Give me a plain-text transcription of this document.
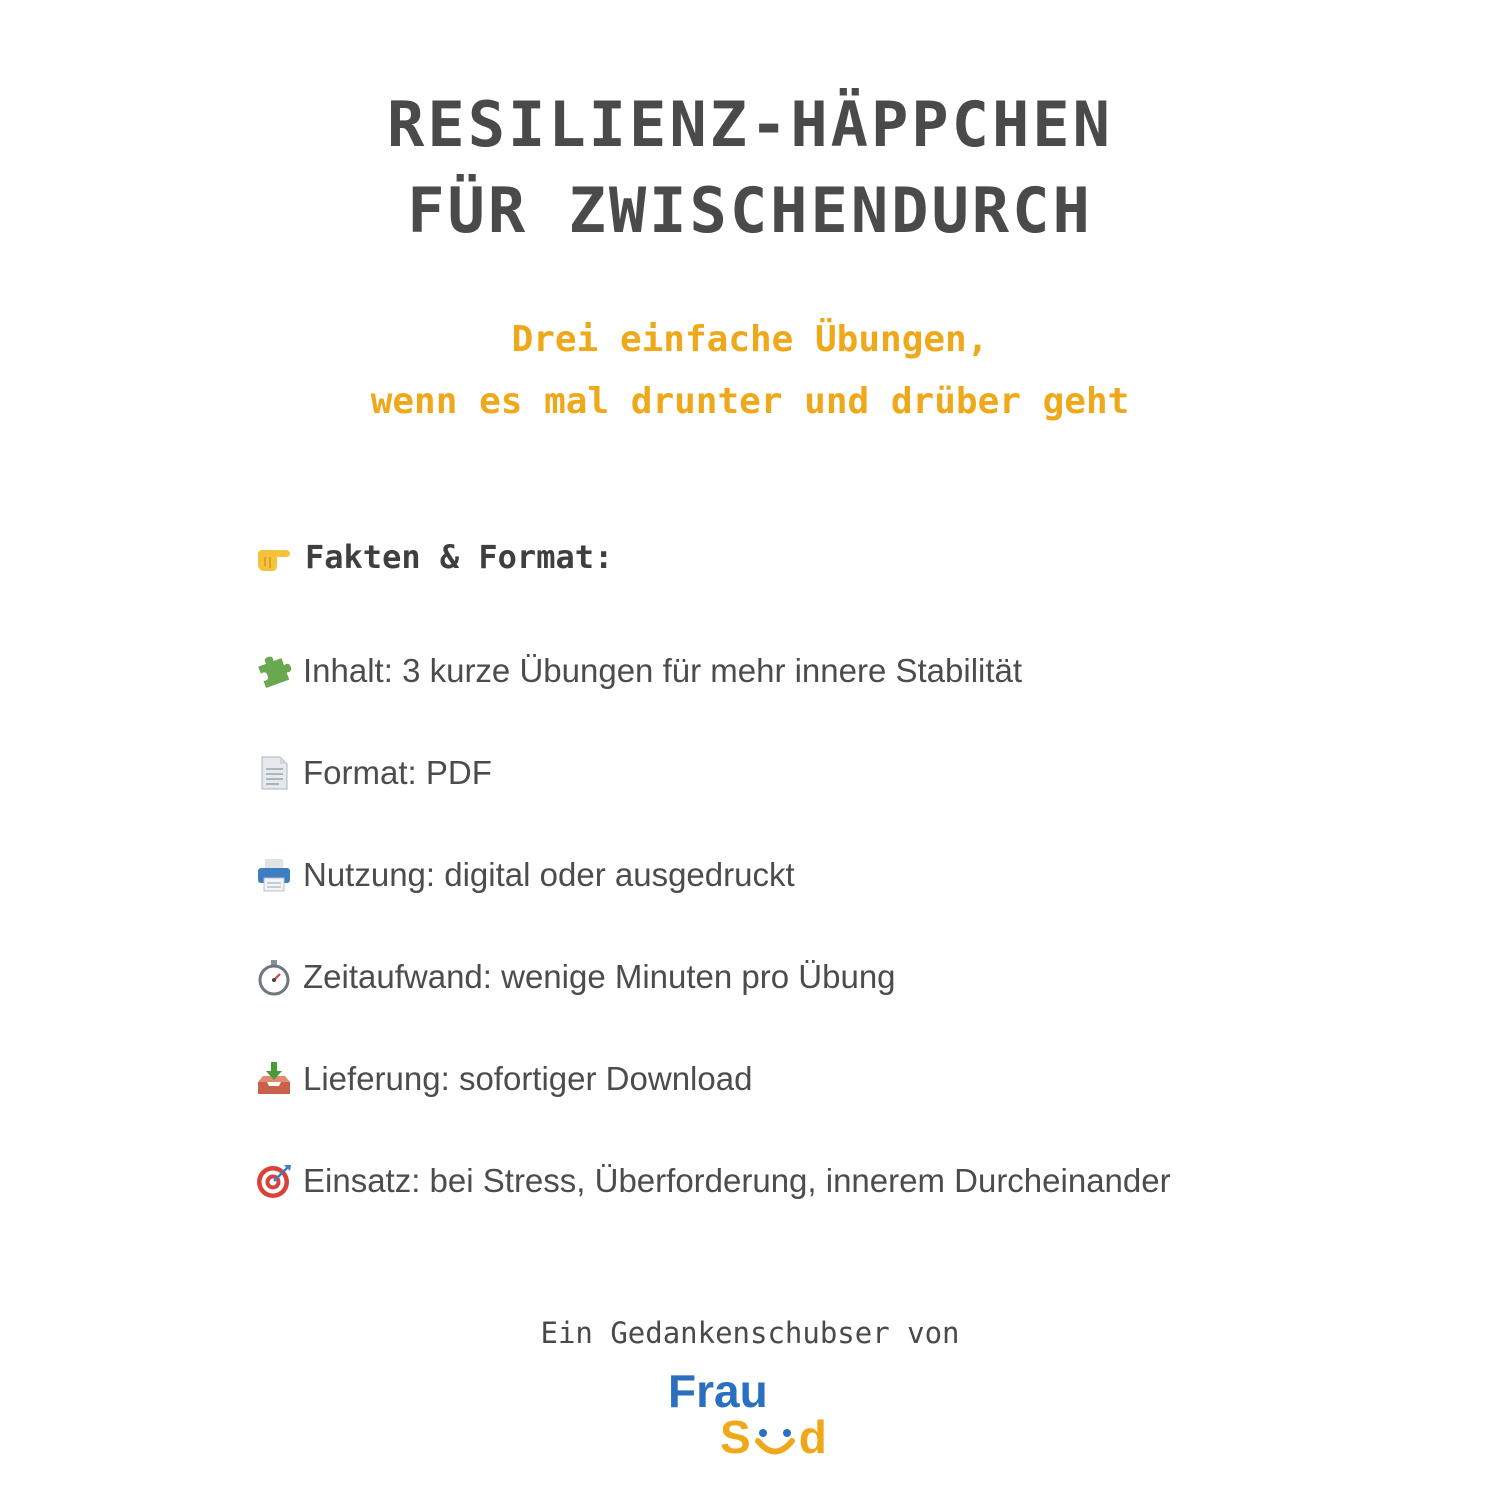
RESILIENZ-HÄPPCHEN
FÜR ZWISCHENDURCH
Drei einfache Übungen,
wenn es mal drunter und drüber geht
Fakten & Format:
Inhalt: 3 kurze Übungen für mehr innere Stabilität
Format: PDF
Nutzung: digital oder ausgedruckt
Zeitaufwand: wenige Minuten pro Übung
Lieferung: sofortiger Download
Einsatz: bei Stress, Überforderung, innerem Durcheinander

Ein Gedankenschubser von

Frau
S d
